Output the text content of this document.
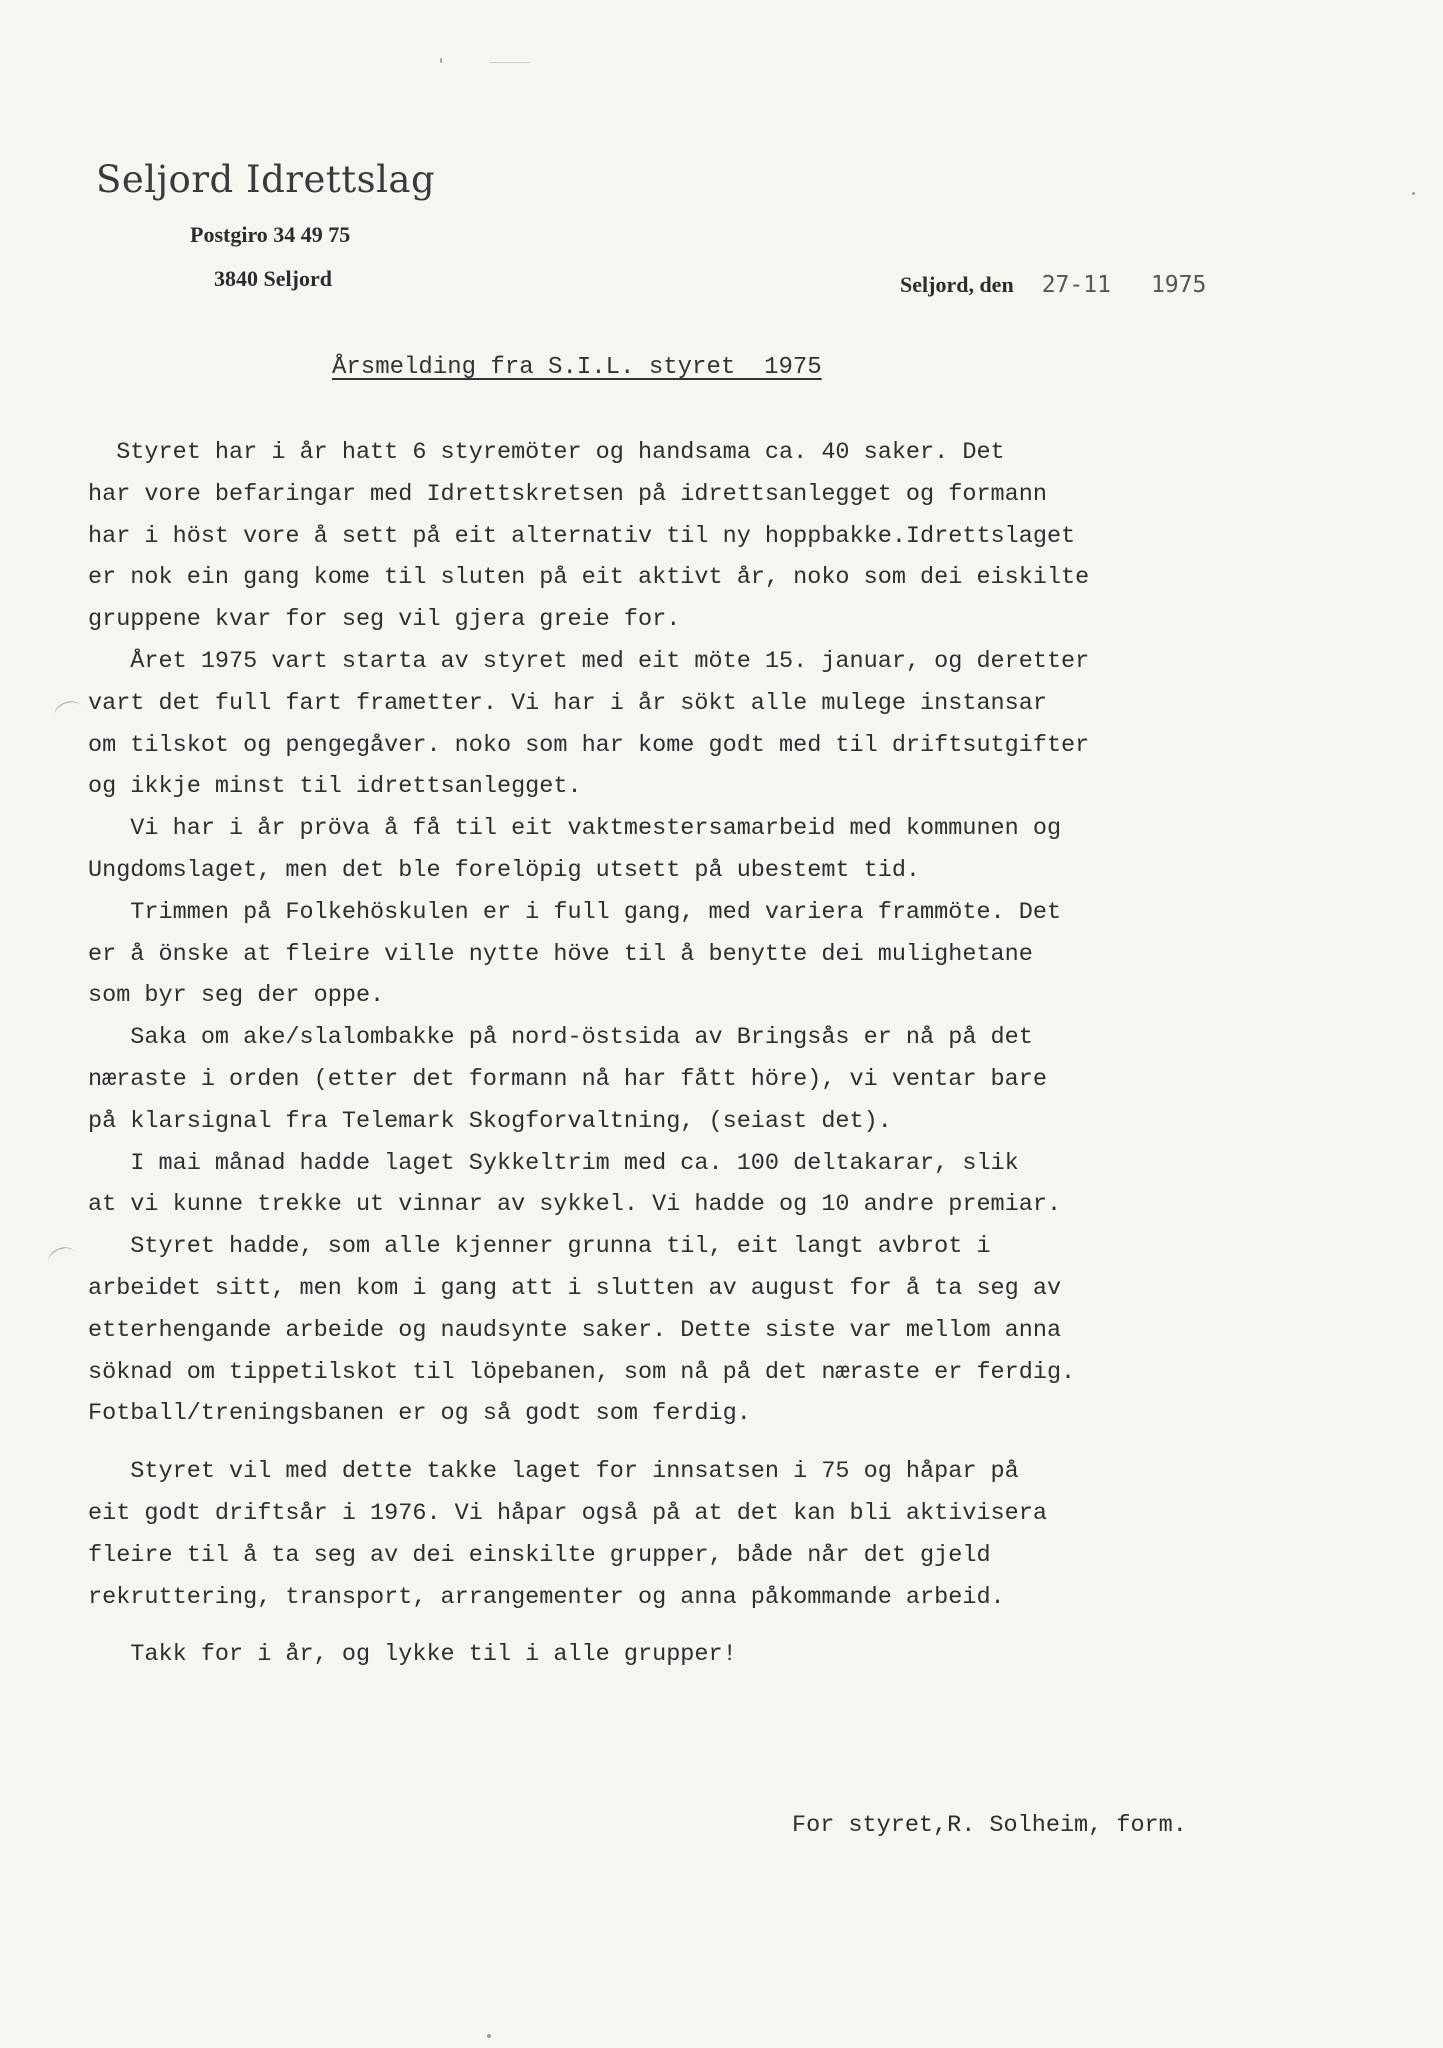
Seljord Idrettslag

Postgiro 34 49 75

3840 Seljord	Seljord, den 27-11 1975
Årsmelding fra S.I.L. styret  1975
Styret har i år hatt 6 styremöter og handsama ca. 40 saker. Det
har vore befaringar med Idrettskretsen på idrettsanlegget og formann
har i höst vore å sett på eit alternativ til ny hoppbakke.Idrettslaget
er nok ein gang kome til sluten på eit aktivt år, noko som dei eiskilte
gruppene kvar for seg vil gjera greie for.
Året 1975 vart starta av styret med eit möte 15. januar, og deretter
vart det full fart frametter. Vi har i år sökt alle mulege instansar
om tilskot og pengegåver. noko som har kome godt med til driftsutgifter
og ikkje minst til idrettsanlegget.
Vi har i år pröva å få til eit vaktmestersamarbeid med kommunen og
Ungdomslaget, men det ble forelöpig utsett på ubestemt tid.
Trimmen på Folkehöskulen er i full gang, med variera frammöte. Det
er å önske at fleire ville nytte höve til å benytte dei mulighetane
som byr seg der oppe.
Saka om ake/slalombakke på nord-östsida av Bringsås er nå på det
næraste i orden (etter det formann nå har fått höre), vi ventar bare
på klarsignal fra Telemark Skogforvaltning, (seiast det).
I mai månad hadde laget Sykkeltrim med ca. 100 deltakarar, slik
at vi kunne trekke ut vinnar av sykkel. Vi hadde og 10 andre premiar.
Styret hadde, som alle kjenner grunna til, eit langt avbrot i
arbeidet sitt, men kom i gang att i slutten av august for å ta seg av
etterhengande arbeide og naudsynte saker. Dette siste var mellom anna
söknad om tippetilskot til löpebanen, som nå på det næraste er ferdig.
Fotball/treningsbanen er og så godt som ferdig.
Styret vil med dette takke laget for innsatsen i 75 og håpar på
eit godt driftsår i 1976. Vi håpar også på at det kan bli aktivisera
fleire til å ta seg av dei einskilte grupper, både når det gjeld
rekruttering, transport, arrangementer og anna påkommande arbeid.
Takk for i år, og lykke til i alle grupper!

For styret,R. Solheim, form.
